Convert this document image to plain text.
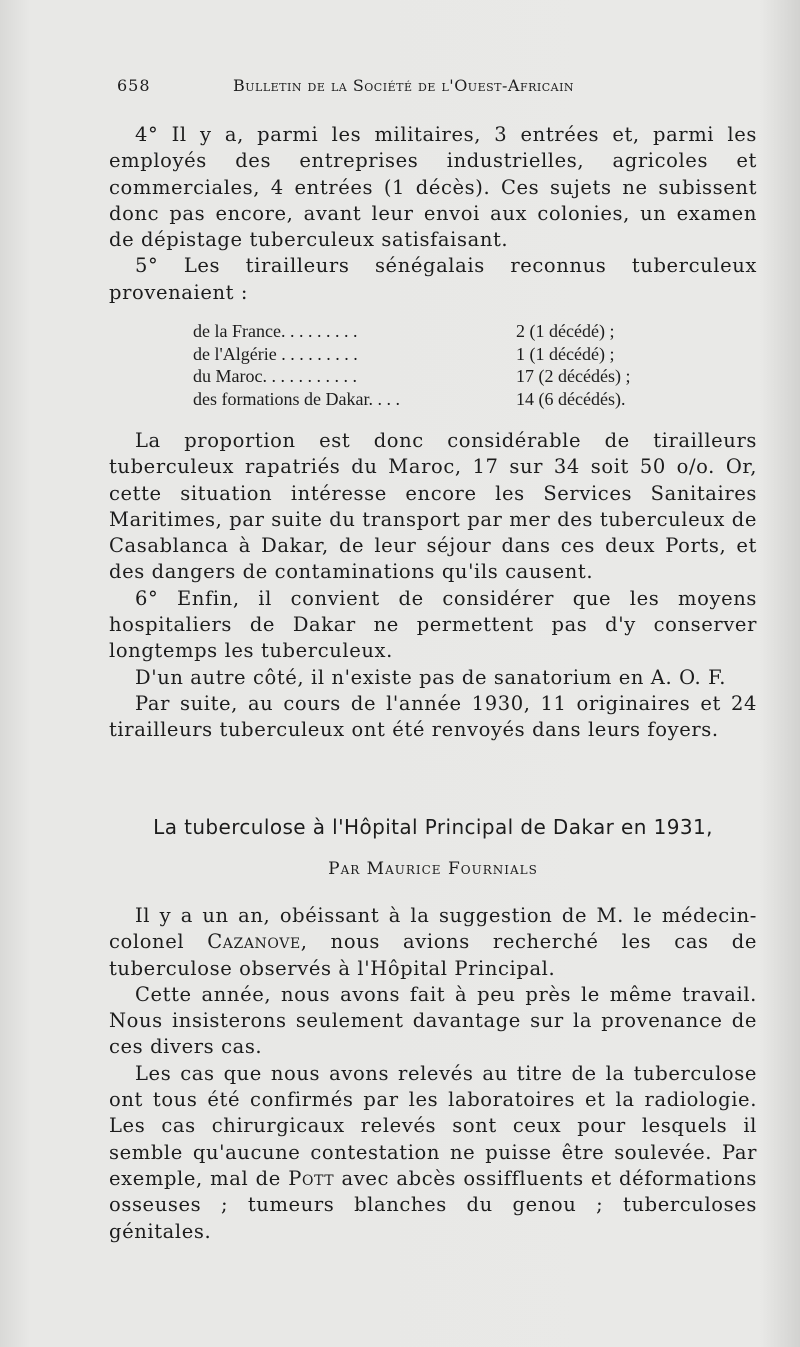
658	Bulletin de la Société de l'Ouest-Africain

4° Il y a, parmi les militaires, 3 entrées et, parmi les employés des entreprises industrielles, agricoles et commerciales, 4 entrées (1 décès). Ces sujets ne subissent donc pas encore, avant leur envoi aux colonies, un examen de dépistage tuberculeux satisfaisant.

5° Les tirailleurs sénégalais reconnus tuberculeux provenaient :

de la France. . . . . . . . .	2 (1 décédé) ;
de l'Algérie . . . . . . . . .	1 (1 décédé) ;
du Maroc. . . . . . . . . . .	17 (2 décédés) ;
des formations de Dakar. . . .	14 (6 décédés).

La proportion est donc considérable de tirailleurs tuberculeux rapatriés du Maroc, 17 sur 34 soit 50 o/o. Or, cette situation intéresse encore les Services Sanitaires Maritimes, par suite du transport par mer des tuberculeux de Casablanca à Dakar, de leur séjour dans ces deux Ports, et des dangers de contaminations qu'ils causent.

6° Enfin, il convient de considérer que les moyens hospitaliers de Dakar ne permettent pas d'y conserver longtemps les tuberculeux.

D'un autre côté, il n'existe pas de sanatorium en A. O. F.

Par suite, au cours de l'année 1930, 11 originaires et 24 tirailleurs tuberculeux ont été renvoyés dans leurs foyers.

La tuberculose à l'Hôpital Principal de Dakar en 1931,
Par Maurice Fournials

Il y a un an, obéissant à la suggestion de M. le médecin-colonel Cazanove, nous avions recherché les cas de tuberculose observés à l'Hôpital Principal.

Cette année, nous avons fait à peu près le même travail. Nous insisterons seulement davantage sur la provenance de ces divers cas.

Les cas que nous avons relevés au titre de la tuberculose ont tous été confirmés par les laboratoires et la radiologie. Les cas chirurgicaux relevés sont ceux pour lesquels il semble qu'aucune contestation ne puisse être soulevée. Par exemple, mal de Pott avec abcès ossiffluents et déformations osseuses ; tumeurs blanches du genou ; tuberculoses génitales.
